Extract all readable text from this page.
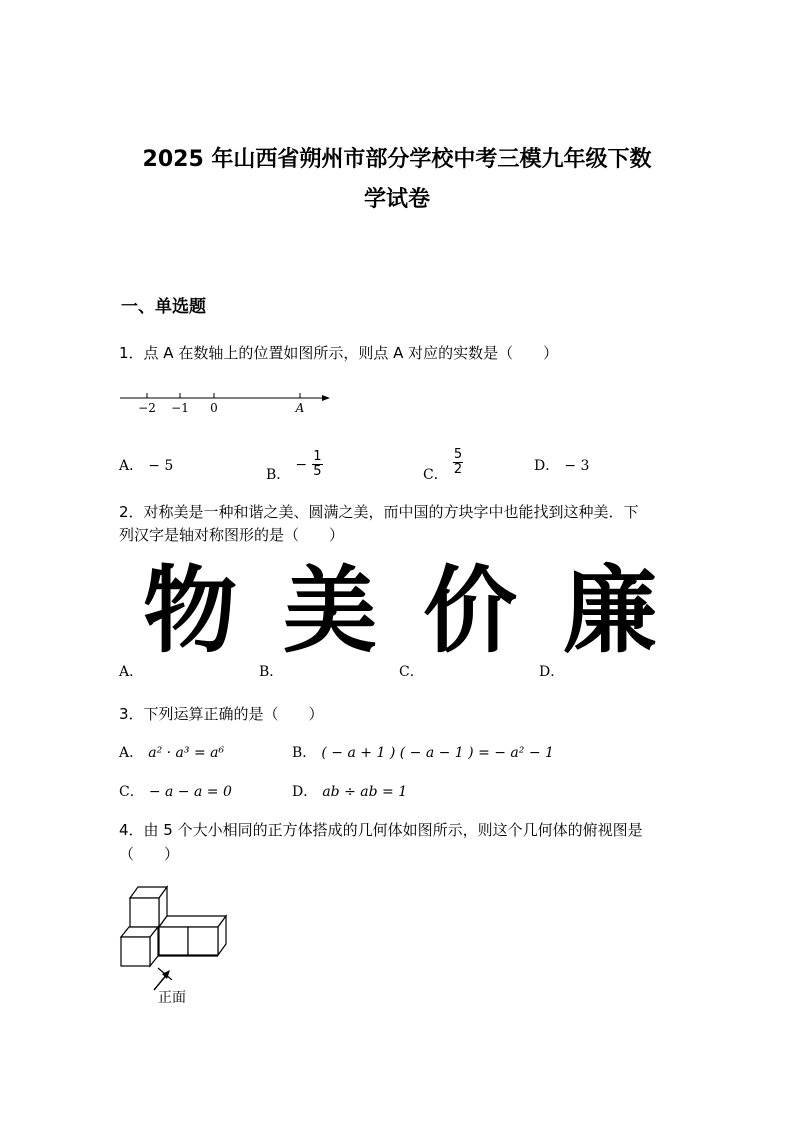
2025 年山西省朔州市部分学校中考三模九年级下数
学试卷
一、单选题
1．点 A 在数轴上的位置如图所示，则点 A 对应的实数是（　　）
−2 −1 0	A
A． − 5
B． − $\frac{1}{5}$	C． $\frac{5}{2}$	D． − 3
2．对称美是一种和谐之美、圆满之美，而中国的方块字中也能找到这种美．下
列汉字是轴对称图形的是（　　）
物 美 价 廉
A．	B．	C．	D．
3．下列运算正确的是（　　）
A． a² · a³ = a⁶	B． ( − a + 1 ) ( − a − 1 ) = − a² − 1
C． − a − a = 0	D． ab ÷ ab = 1
4．由 5 个大小相同的正方体搭成的几何体如图所示，则这个几何体的俯视图是
（　　）
正面
